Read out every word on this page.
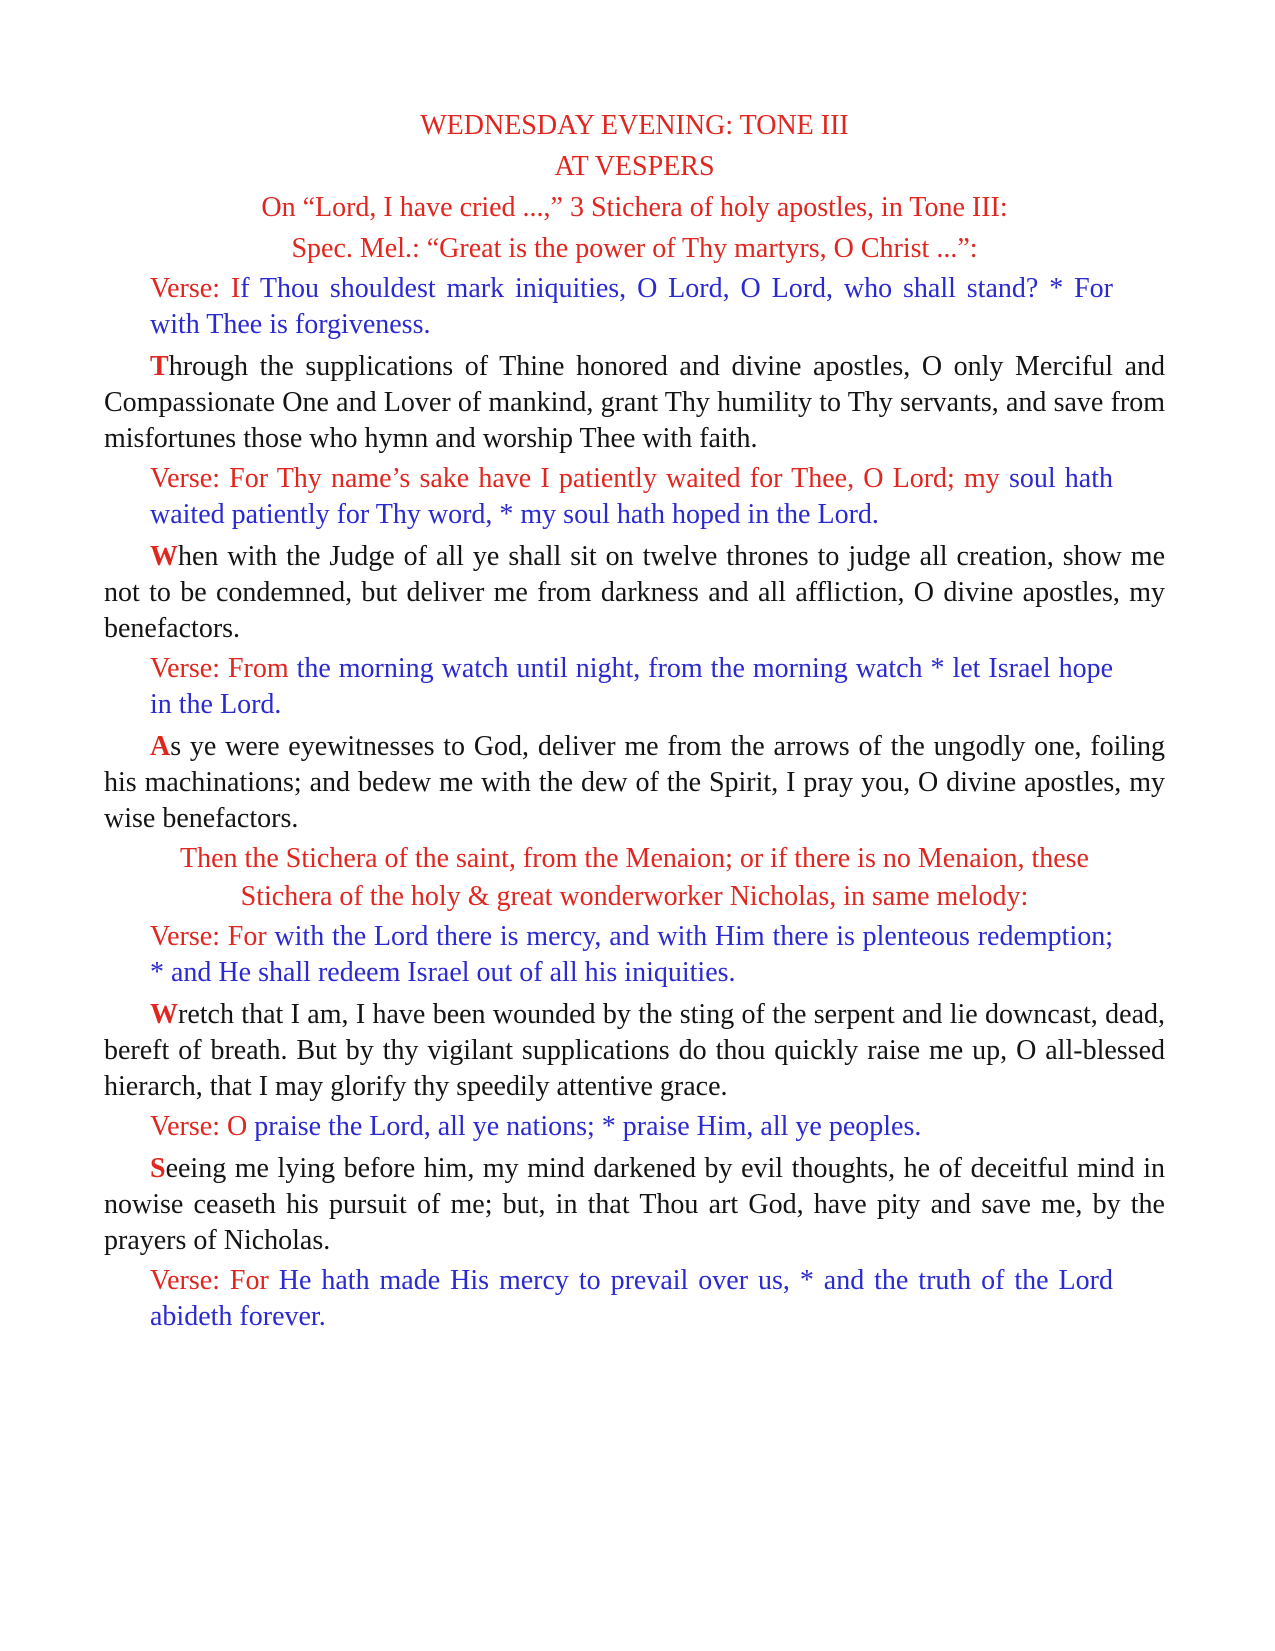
WEDNESDAY EVENING: TONE III

AT VESPERS

On “Lord, I have cried ...,” 3 Stichera of holy apostles, in Tone III:

Spec. Mel.: “Great is the power of Thy martyrs, O Christ ...”:

Verse: If Thou shouldest mark iniquities, O Lord, O Lord, who shall stand? * For with Thee is forgiveness.

Through the supplications of Thine honored and divine apostles, O only Merciful and Compassionate One and Lover of mankind, grant Thy humility to Thy servants, and save from misfortunes those who hymn and worship Thee with faith.

Verse: For Thy name’s sake have I patiently waited for Thee, O Lord; my soul hath waited patiently for Thy word, * my soul hath hoped in the Lord.

When with the Judge of all ye shall sit on twelve thrones to judge all creation, show me not to be condemned, but deliver me from darkness and all affliction, O divine apostles, my benefactors.

Verse: From the morning watch until night, from the morning watch * let Israel hope in the Lord.

As ye were eyewitnesses to God, deliver me from the arrows of the ungodly one, foiling his machinations; and bedew me with the dew of the Spirit, I pray you, O divine apostles, my wise benefactors.

Then the Stichera of the saint, from the Menaion; or if there is no Menaion, these

Stichera of the holy & great wonderworker Nicholas, in same melody:

Verse: For with the Lord there is mercy, and with Him there is plenteous redemption; * and He shall redeem Israel out of all his iniquities.

Wretch that I am, I have been wounded by the sting of the serpent and lie downcast, dead, bereft of breath. But by thy vigilant supplications do thou quickly raise me up, O all-blessed hierarch, that I may glorify thy speedily attentive grace.

Verse: O praise the Lord, all ye nations; * praise Him, all ye peoples.

Seeing me lying before him, my mind darkened by evil thoughts, he of deceitful mind in nowise ceaseth his pursuit of me; but, in that Thou art God, have pity and save me, by the prayers of Nicholas.

Verse: For He hath made His mercy to prevail over us, * and the truth of the Lord abideth forever.
